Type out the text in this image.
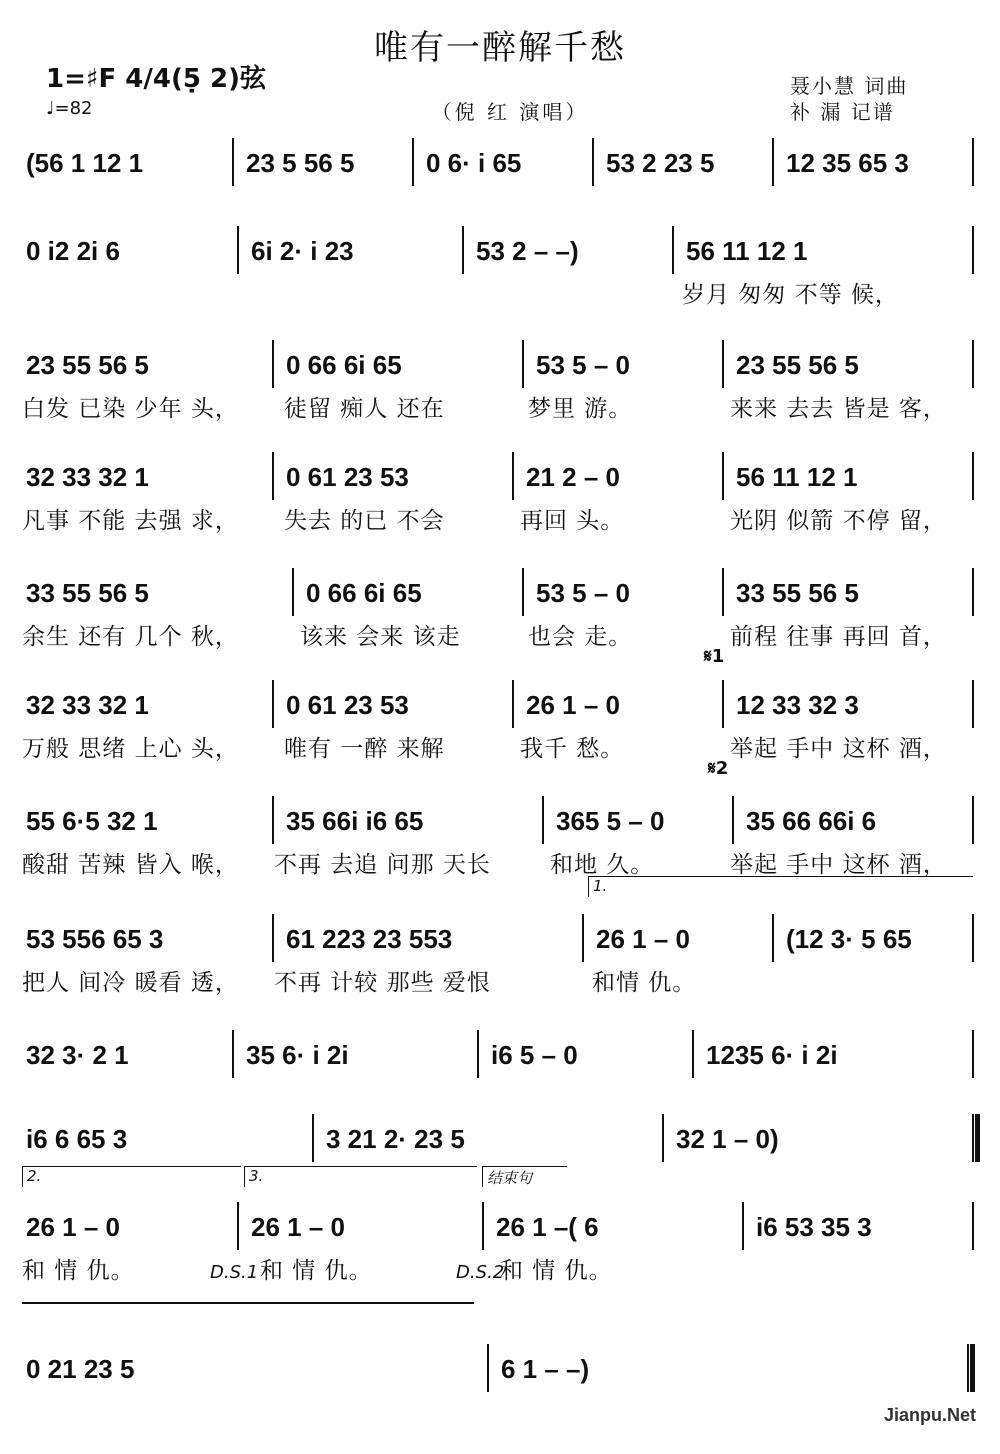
唯有一醉解千愁
1=♯F 4/4(5̣ 2)弦
♩=82	（倪 红 演唱）
聂小慧 词曲
补 漏 记谱
(56 1 12 1	23 5 56 5	0 6· i 65	53 2 23 5	12 35 65 3
0 i2 2i 6	6i 2· i 23	53 2 – –)	56 11 12 1
岁月 匆匆 不等 候，
23 55 56 5	0 66 6i 65	53 5 – 0	23 55 56 5
白发 已染 少年 头， 徒留 痴人 还在	梦里 游。	来来 去去 皆是 客，
32 33 32 1	0 61 23 53	21 2 – 0	56 11 12 1
凡事 不能 去强 求， 失去 的已 不会	再回 头。	光阴 似箭 不停 留，
33 55 56 5	0 66 6i 65	53 5 – 0	33 55 56 5
余生 还有 几个 秋，	该来 会来 该走	也会 走。	前程 往事 再回 首，
32 33 32 1	0 61 23 53	26 1 – 0	12 33 32 3
万般 思绪 上心 头， 唯有 一醉 来解	我千 愁。	举起 手中 这杯 酒，
55 6·5 32 1	35 66i i6 65	365 5 – 0	35 66 66i 6
酸甜 苦辣 皆入 喉， 不再 去追 问那 天长	和地 久。	举起 手中 这杯 酒，
53 556 65 3	61 223 23 553	26 1 – 0	(12 3· 5 65
把人 间冷 暖看 透， 不再 计较 那些 爱恨	和情 仇。
32 3· 2 1	35 6· i 2i	i6 5 – 0	1235 6· i 2i
i6 6 65 3	3 21 2· 23 5	32 1 – 0)
26 1 – 0	26 1 – 0	26 1 –( 6	i6 53 35 3
和 情 仇。	和 情 仇。	和 情 仇。
0 21 23 5	6 1 – –)
𝄋1
𝄋2
1.
2.	3.	结束句
D.S.1	D.S.2
Jianpu.Net
